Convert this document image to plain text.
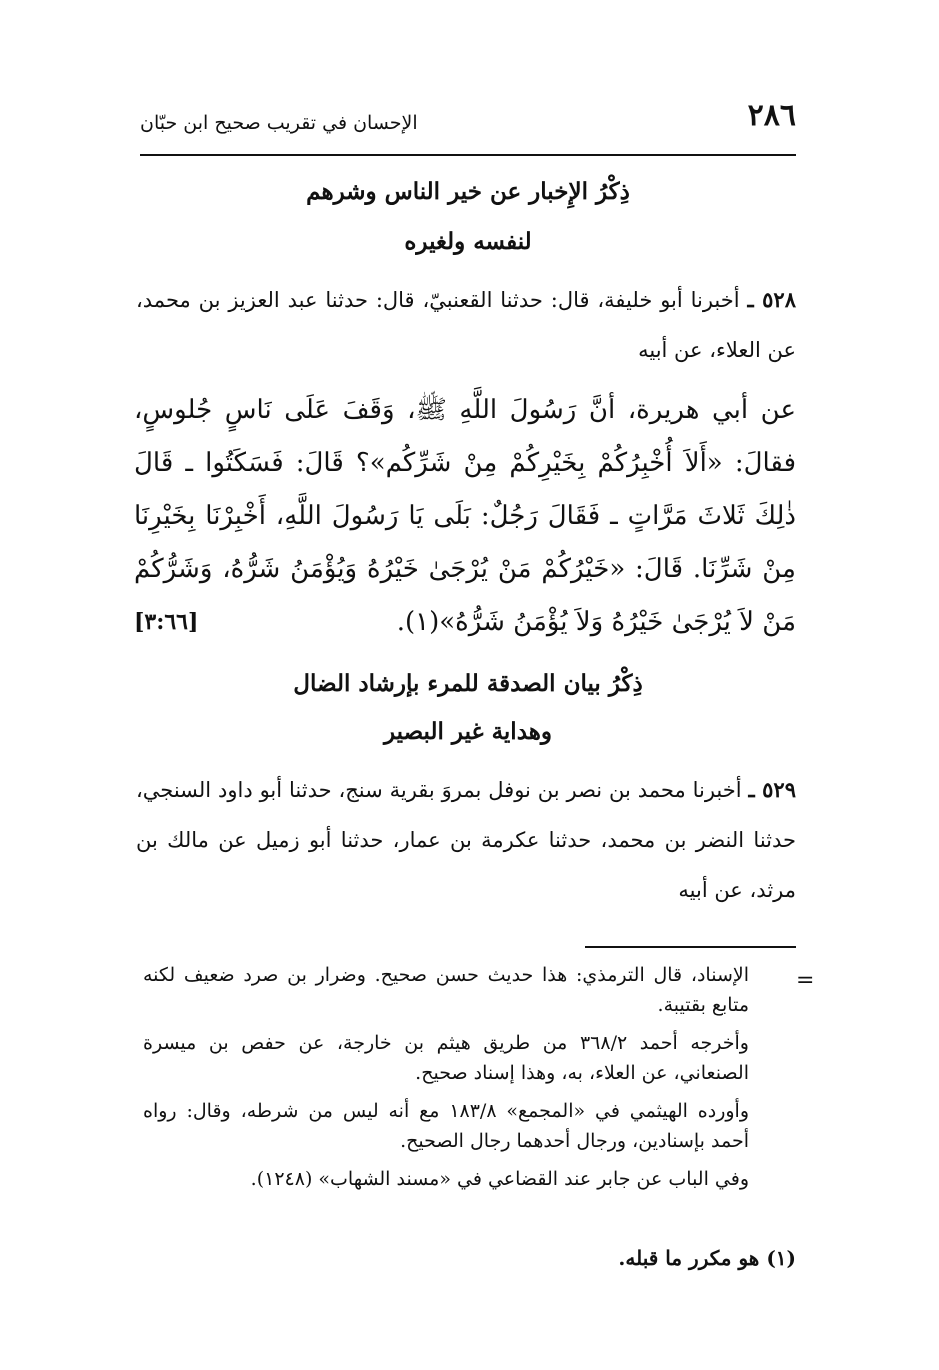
٢٨٦
الإحسان في تقريب صحيح ابن حبّان
ذِكْرُ الإِخبار عن خير الناس وشرهم
لنفسه ولغيره
٥٢٨ ـ أخبرنا أبو خليفة، قال: حدثنا القعنبيّ، قال: حدثنا عبد العزيز بن محمد، عن العلاء، عن أبيه
عن أبي هريرة، أنَّ رَسُولَ اللَّهِ ﷺ، وَقَفَ عَلَى نَاسٍ جُلوسٍ، فقالَ: «أَلاَ أُخْبِرُكُمْ بِخَيْرِكُمْ مِنْ شَرِّكُم»؟ قَالَ: فَسَكَتُوا ـ قَالَ ذٰلِكَ ثَلاثَ مَرَّاتٍ ـ فَقَالَ رَجُلٌ: بَلَى يَا رَسُولَ اللَّهِ، أَخْبِرْنَا بِخَيْرِنَا مِنْ شَرِّنَا. قَالَ: «خَيْرُكُمْ مَنْ يُرْجَىٰ خَيْرُهُ وَيُؤْمَنُ شَرُّهُ، وَشَرُّكُمْ مَنْ لاَ يُرْجَىٰ خَيْرُهُ وَلاَ يُؤْمَنُ شَرُّهُ»(١).
[٣:٦٦]
ذِكْرُ بيان الصدقة للمرء بإرشاد الضال
وهداية غير البصير
٥٢٩ ـ أخبرنا محمد بن نصر بن نوفل بمروَ بقرية سنج، حدثنا أبو داود السنجي، حدثنا النضر بن محمد، حدثنا عكرمة بن عمار، حدثنا أبو زميل عن مالك بن مرثد، عن أبيه
=

الإسناد، قال الترمذي: هذا حديث حسن صحيح. وضرار بن صرد ضعيف لكنه متابع بقتيبة.

وأخرجه أحمد ٣٦٨/٢ من طريق هيثم بن خارجة، عن حفص بن ميسرة الصنعاني، عن العلاء، به، وهذا إسناد صحيح.

وأورده الهيثمي في «المجمع» ١٨٣/٨ مع أنه ليس من شرطه، وقال: رواه أحمد بإسنادين، ورجال أحدهما رجال الصحيح.

وفي الباب عن جابر عند القضاعي في «مسند الشهاب» (١٢٤٨).

(١) هو مكرر ما قبله.
